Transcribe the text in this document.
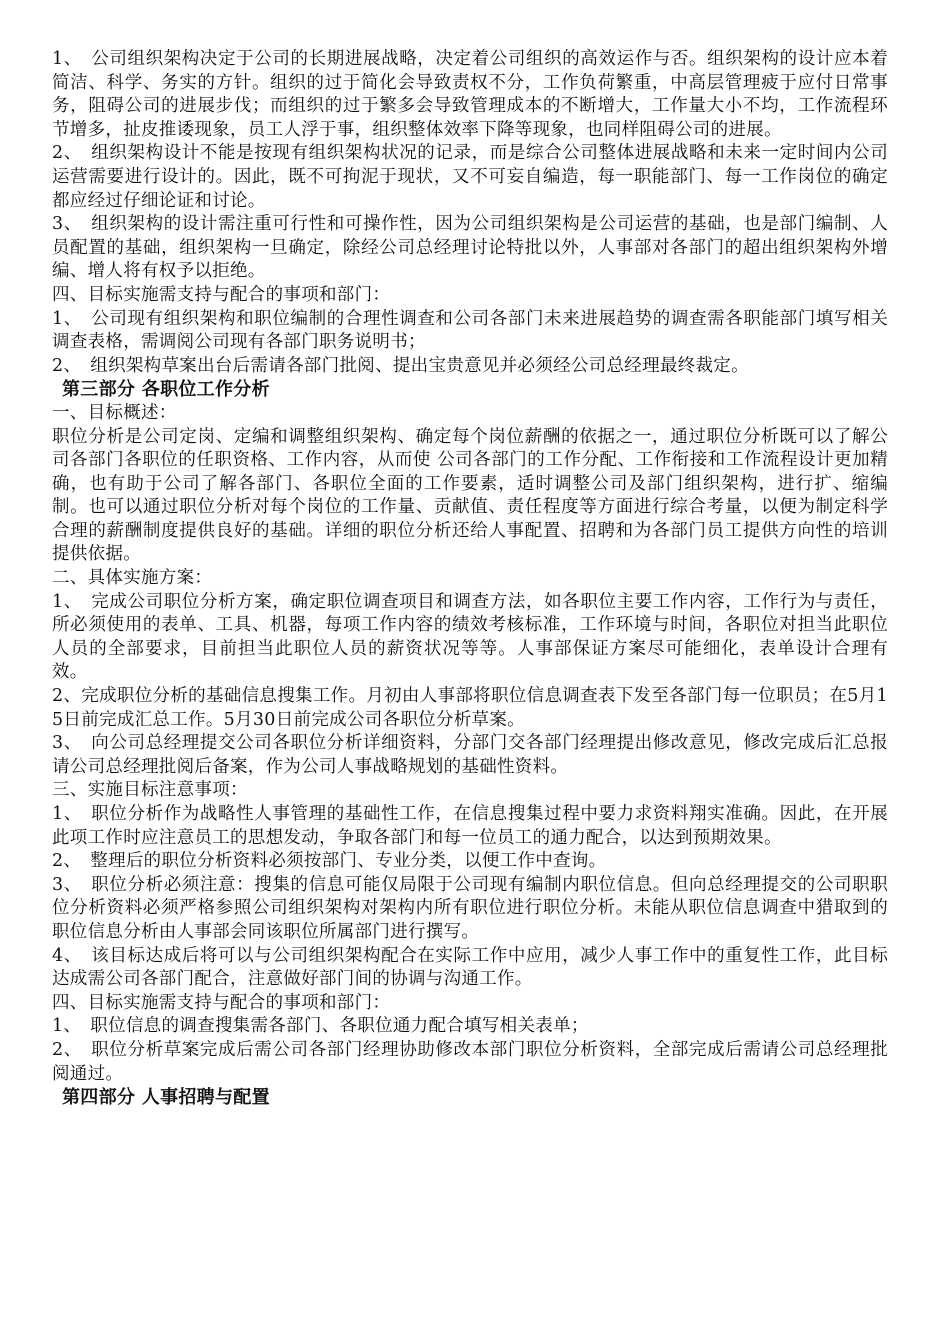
1、　公司组织架构决定于公司的长期进展战略，决定着公司组织的高效运作与否。组织架构的设计应本着简洁、科学、务实的方针。组织的过于简化会导致责权不分，工作负荷繁重，中高层管理疲于应付日常事务，阻碍公司的进展步伐；而组织的过于繁多会导致管理成本的不断增大，工作量大小不均，工作流程环节增多，扯皮推诿现象，员工人浮于事，组织整体效率下降等现象，也同样阻碍公司的进展。

2、　组织架构设计不能是按现有组织架构状况的记录，而是综合公司整体进展战略和未来一定时间内公司运营需要进行设计的。因此，既不可拘泥于现状，又不可妄自编造，每一职能部门、每一工作岗位的确定都应经过仔细论证和讨论。

3、　组织架构的设计需注重可行性和可操作性，因为公司组织架构是公司运营的基础，也是部门编制、人员配置的基础，组织架构一旦确定，除经公司总经理讨论特批以外，人事部对各部门的超出组织架构外增编、增人将有权予以拒绝。

四、目标实施需支持与配合的事项和部门：

1、　公司现有组织架构和职位编制的合理性调查和公司各部门未来进展趋势的调查需各职能部门填写相关调查表格，需调阅公司现有各部门职务说明书；

2、　组织架构草案出台后需请各部门批阅、提出宝贵意见并必须经公司总经理最终裁定。

第三部分 各职位工作分析

一、目标概述：

职位分析是公司定岗、定编和调整组织架构、确定每个岗位薪酬的依据之一，通过职位分析既可以了解公司各部门各职位的任职资格、工作内容，从而使 公司各部门的工作分配、工作衔接和工作流程设计更加精确，也有助于公司了解各部门、各职位全面的工作要素，适时调整公司及部门组织架构，进行扩、缩编制。也可以通过职位分析对每个岗位的工作量、贡献值、责任程度等方面进行综合考量，以便为制定科学合理的薪酬制度提供良好的基础。详细的职位分析还给人事配置、招聘和为各部门员工提供方向性的培训提供依据。

二、具体实施方案：

1、　完成公司职位分析方案，确定职位调查项目和调查方法，如各职位主要工作内容，工作行为与责任，所必须使用的表单、工具、机器，每项工作内容的绩效考核标准，工作环境与时间，各职位对担当此职位人员的全部要求，目前担当此职位人员的薪资状况等等。人事部保证方案尽可能细化，表单设计合理有效。

2、完成职位分析的基础信息搜集工作。月初由人事部将职位信息调查表下发至各部门每一位职员；在5月15日前完成汇总工作。5月30日前完成公司各职位分析草案。

3、　向公司总经理提交公司各职位分析详细资料，分部门交各部门经理提出修改意见，修改完成后汇总报请公司总经理批阅后备案，作为公司人事战略规划的基础性资料。

三、实施目标注意事项：

1、　职位分析作为战略性人事管理的基础性工作，在信息搜集过程中要力求资料翔实准确。因此，在开展此项工作时应注意员工的思想发动，争取各部门和每一位员工的通力配合，以达到预期效果。

2、　整理后的职位分析资料必须按部门、专业分类，以便工作中查询。

3、　职位分析必须注意：搜集的信息可能仅局限于公司现有编制内职位信息。但向总经理提交的公司职职位分析资料必须严格参照公司组织架构对架构内所有职位进行职位分析。未能从职位信息调查中猎取到的职位信息分析由人事部会同该职位所属部门进行撰写。

4、　该目标达成后将可以与公司组织架构配合在实际工作中应用，减少人事工作中的重复性工作，此目标达成需公司各部门配合，注意做好部门间的协调与沟通工作。

四、目标实施需支持与配合的事项和部门：

1、　职位信息的调查搜集需各部门、各职位通力配合填写相关表单；

2、　职位分析草案完成后需公司各部门经理协助修改本部门职位分析资料，全部完成后需请公司总经理批阅通过。

第四部分 人事招聘与配置
